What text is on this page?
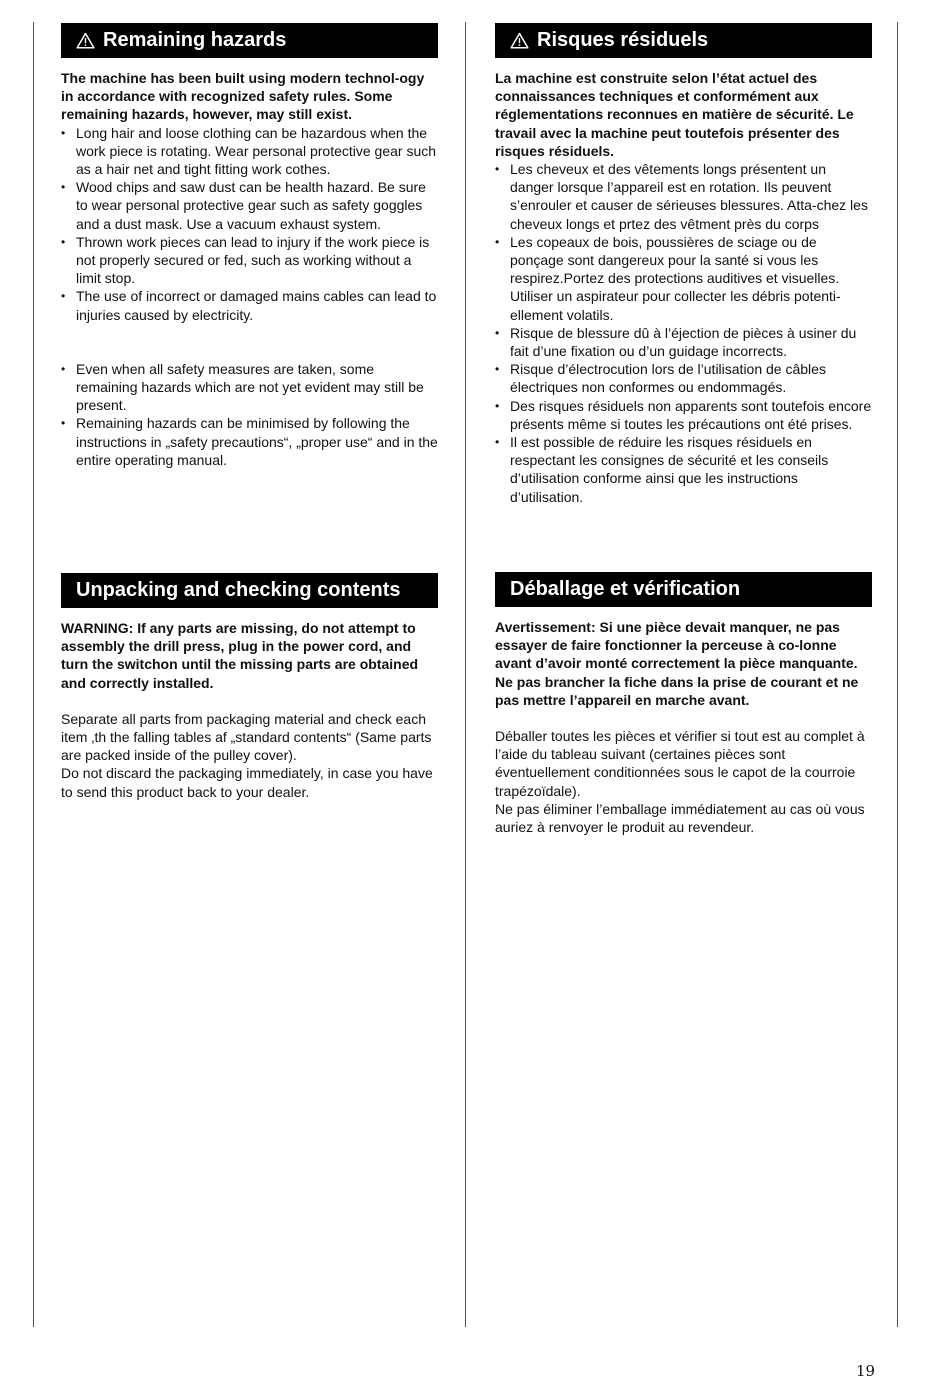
Remaining hazards
The machine has been built using modern technol-ogy in accordance with recognized safety rules. Some remaining hazards, however, may still exist.
• Long hair and loose clothing can be hazardous when the work piece is rotating. Wear personal protective gear such as a hair net and tight fitting work cothes.
• Wood chips and saw dust can be health hazard. Be sure to wear personal protective gear such as safety goggles and a dust mask. Use a vacuum exhaust system.
• Thrown work pieces can lead to injury if the work piece is not properly secured or fed, such as working without a limit stop.
• The use of incorrect or damaged mains cables can lead to injuries caused by electricity.
• Even when all safety measures are taken, some remaining hazards which are not yet evident may still be present.
• Remaining hazards can be minimised by following the instructions in „safety precautions“, „proper use“ and in the entire operating manual.
Unpacking and checking contents
WARNING: If any parts are missing, do not attempt to assembly the drill press, plug in the power cord, and turn the switchon until the missing parts are obtained and correctly installed.
Separate all parts from packaging material and check each item ‚th the falling tables af „standard contents“ (Same parts are packed inside of the pulley cover).
Do not discard the packaging immediately, in case you have to send this product back to your dealer.
Risques résiduels
La machine est construite selon l’état actuel des connaissances techniques et conformément aux réglementations reconnues en matière de sécurité. Le travail avec la machine peut toutefois présenter des risques résiduels.
• Les cheveux et des vêtements longs présentent un danger lorsque l’appareil est en rotation. Ils peuvent s’enrouler et causer de sérieuses blessures. Atta-chez les cheveux longs et prtez des vêtment près du corps
• Les copeaux de bois, poussières de sciage ou de ponçage sont dangereux pour la santé si vous les respirez.Portez des protections auditives et visuelles. Utiliser un aspirateur pour collecter les débris potenti-ellement volatils.
• Risque de blessure dû à l’éjection de pièces à usiner du fait d’une fixation ou d’un guidage incorrects.
• Risque d’électrocution lors de l’utilisation de câbles électriques non conformes ou endommagés.
• Des risques résiduels non apparents sont toutefois encore présents même si toutes les précautions ont été prises.
• Il est possible de réduire les risques résiduels en respectant les consignes de sécurité et les conseils d’utilisation conforme ainsi que les instructions d’utilisation.
Déballage et vérification
Avertissement: Si une pièce devait manquer, ne pas essayer de faire fonctionner la perceuse à co-lonne avant d’avoir monté correctement la pièce manquante. Ne pas brancher la fiche dans la prise de courant et ne pas mettre l’appareil en marche avant.
Déballer toutes les pièces et vérifier si tout est au complet à l’aide du tableau suivant (certaines pièces sont éventuellement conditionnées sous le capot de la courroie trapézoïdale).
Ne pas éliminer l’emballage immédiatement au cas où vous auriez à renvoyer le produit au revendeur.
19
